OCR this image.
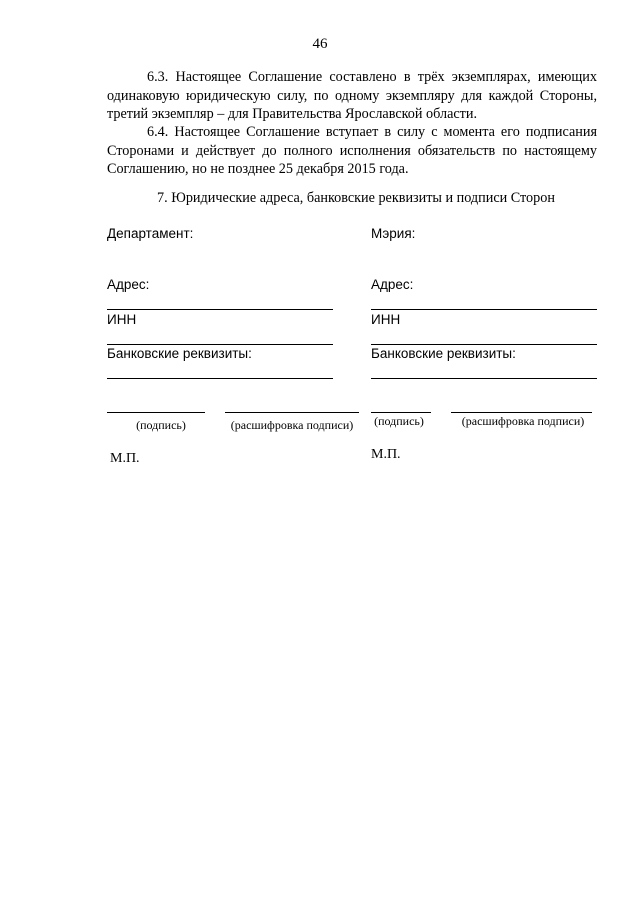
46
6.3. Настоящее Соглашение составлено в трёх экземплярах, имеющих одинаковую юридическую силу, по одному экземпляру для каждой Стороны, третий экземпляр – для Правительства Ярославской области.
6.4. Настоящее Соглашение вступает в силу с момента его подписания Сторонами и действует до полного исполнения обязательств по настоящему Соглашению, но не позднее 25 декабря 2015 года.
7. Юридические адреса, банковские реквизиты и подписи Сторон
Департамент:
Адрес:
ИНН
Банковские реквизиты:
(подпись)	(расшифровка подписи)
М.П.
Мэрия:
Адрес:
ИНН
Банковские реквизиты:
(подпись)	(расшифровка подписи)
М.П.
